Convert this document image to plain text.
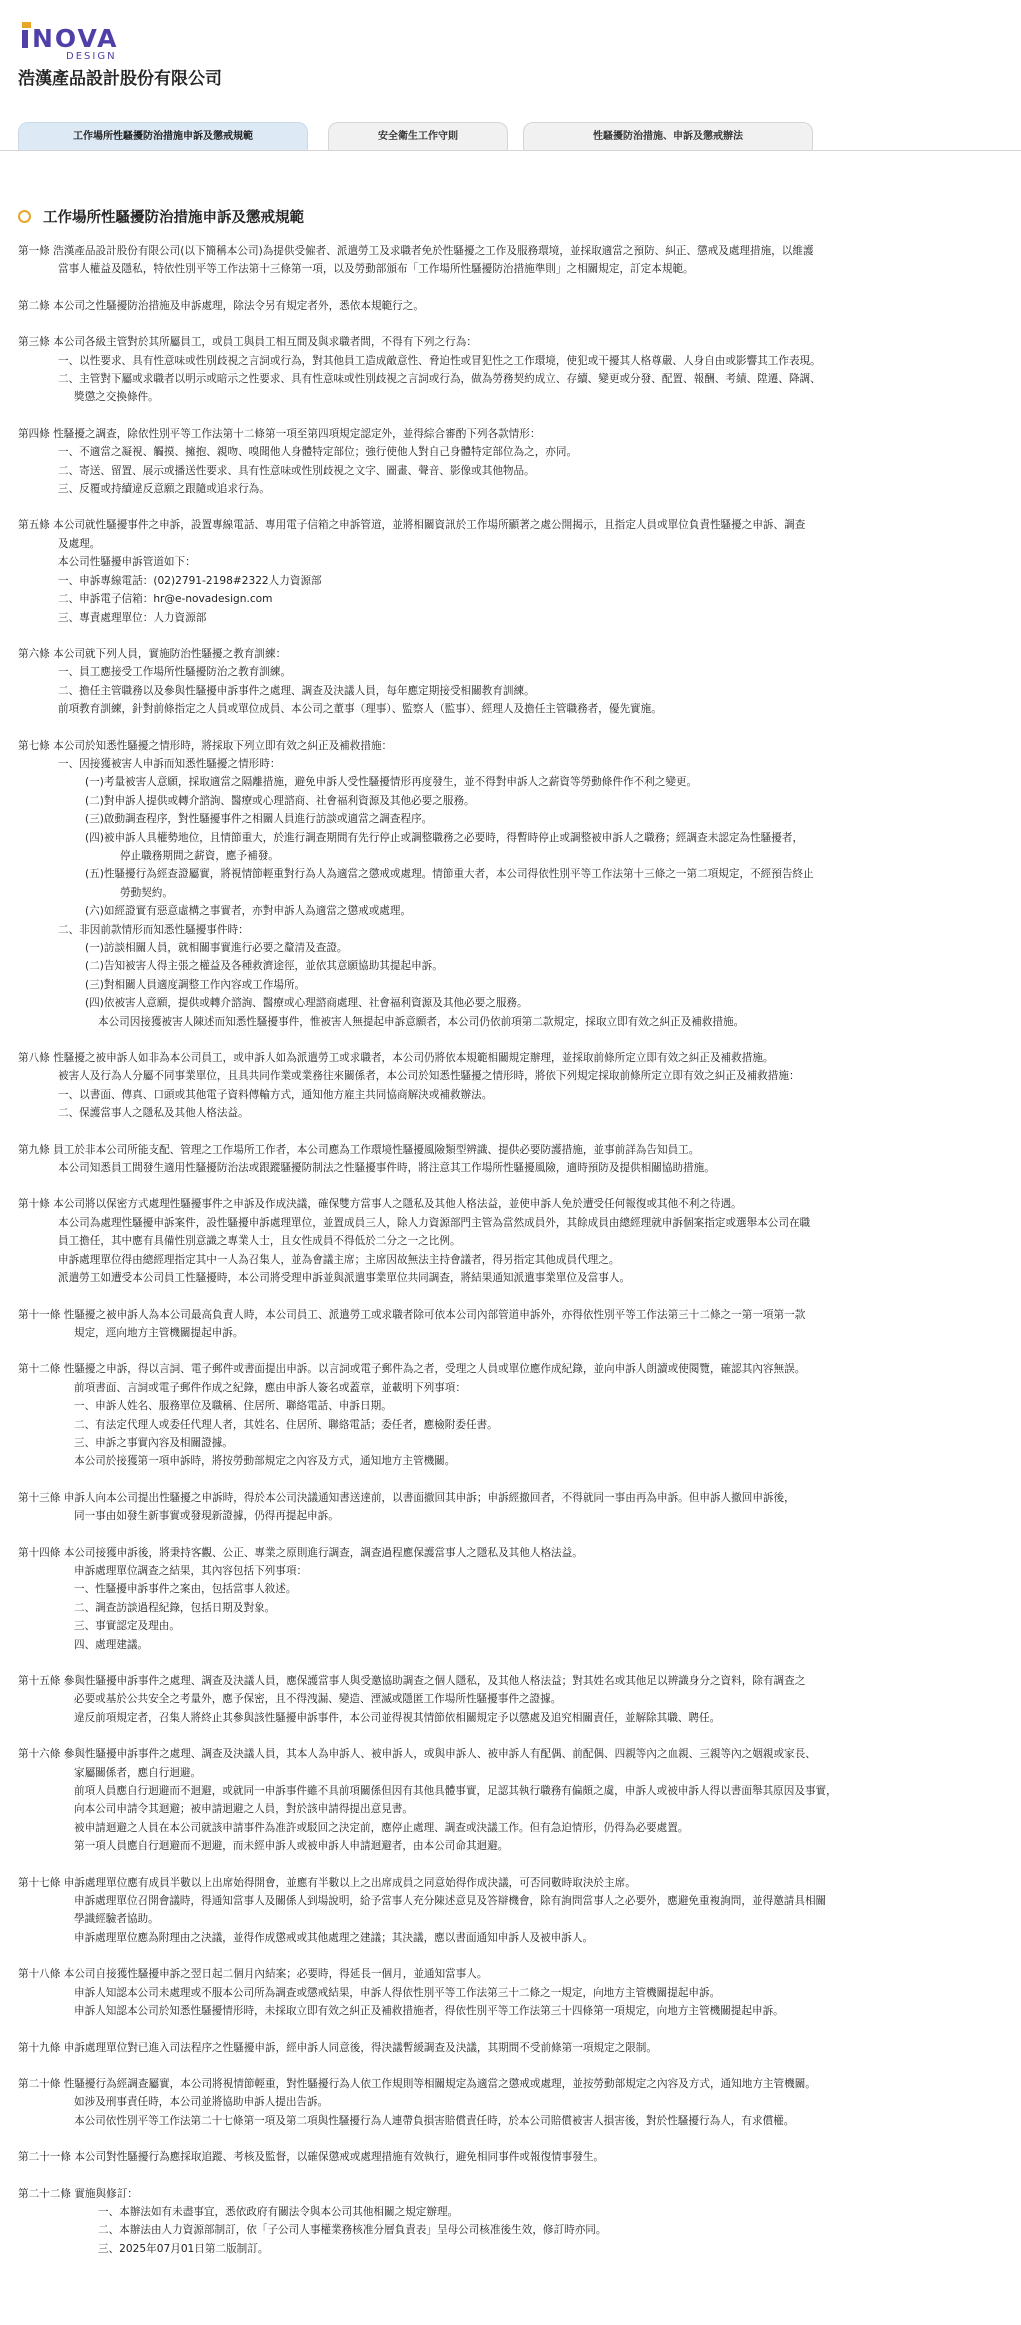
NOVA
DESIGN
浩漢產品設計股份有限公司
工作場所性騷擾防治措施申訴及懲戒規範	安全衛生工作守則	性騷擾防治措施、申訴及懲戒辦法
工作場所性騷擾防治措施申訴及懲戒規範
第一條 浩漢產品設計股份有限公司(以下簡稱本公司)為提供受僱者、派遣勞工及求職者免於性騷擾之工作及服務環境，並採取適當之預防、糾正、懲戒及處理措施，以維護
當事人權益及隱私，特依性別平等工作法第十三條第一項，以及勞動部頒布「工作場所性騷擾防治措施準則」之相關規定，訂定本規範。
第二條 本公司之性騷擾防治措施及申訴處理，除法令另有規定者外，悉依本規範行之。
第三條 本公司各級主管對於其所屬員工，或員工與員工相互間及與求職者間，不得有下列之行為：
一、以性要求、具有性意味或性別歧視之言詞或行為，對其他員工造成敵意性、脅迫性或冒犯性之工作環境，使犯或干擾其人格尊嚴、人身自由或影響其工作表現。
二、主管對下屬或求職者以明示或暗示之性要求、具有性意味或性別歧視之言詞或行為，做為勞務契約成立、存續、變更或分發、配置、報酬、考績、陞遷、降調、
獎懲之交換條件。
第四條 性騷擾之調查，除依性別平等工作法第十二條第一項至第四項規定認定外，並得綜合審酌下列各款情形：
一、不適當之凝視、觸摸、擁抱、親吻、嗅聞他人身體特定部位；強行使他人對自己身體特定部位為之，亦同。
二、寄送、留置、展示或播送性要求、具有性意味或性別歧視之文字、圖畫、聲音、影像或其他物品。
三、反覆或持續違反意願之跟隨或追求行為。
第五條 本公司就性騷擾事件之申訴，設置專線電話、專用電子信箱之申訴管道，並將相關資訊於工作場所顯著之處公開揭示，且指定人員或單位負責性騷擾之申訴、調查
及處理。
本公司性騷擾申訴管道如下：
一、申訴專線電話：(02)2791-2198#2322人力資源部
二、申訴電子信箱：hr@e-novadesign.com
三、專責處理單位：人力資源部
第六條 本公司就下列人員，實施防治性騷擾之教育訓練：
一、員工應接受工作場所性騷擾防治之教育訓練。
二、擔任主管職務以及參與性騷擾申訴事件之處理、調查及決議人員，每年應定期接受相關教育訓練。
前項教育訓練，針對前條指定之人員或單位成員、本公司之董事（理事）、監察人（監事）、經理人及擔任主管職務者，優先實施。
第七條 本公司於知悉性騷擾之情形時，將採取下列立即有效之糾正及補救措施：
一、因接獲被害人申訴而知悉性騷擾之情形時：
(一)考量被害人意願，採取適當之隔離措施，避免申訴人受性騷擾情形再度發生，並不得對申訴人之薪資等勞動條件作不利之變更。
(二)對申訴人提供或轉介諮詢、醫療或心理諮商、社會福利資源及其他必要之服務。
(三)啟動調查程序，對性騷擾事件之相關人員進行訪談或適當之調查程序。
(四)被申訴人具權勢地位，且情節重大，於進行調查期間有先行停止或調整職務之必要時，得暫時停止或調整被申訴人之職務；經調查未認定為性騷擾者，
停止職務期間之薪資，應予補發。
(五)性騷擾行為經查證屬實，將視情節輕重對行為人為適當之懲戒或處理。情節重大者，本公司得依性別平等工作法第十三條之一第二項規定，不經預告終止
勞動契約。
(六)如經證實有惡意虛構之事實者，亦對申訴人為適當之懲戒或處理。
二、非因前款情形而知悉性騷擾事件時：
(一)訪談相關人員，就相關事實進行必要之釐清及查證。
(二)告知被害人得主張之權益及各種救濟途徑，並依其意願協助其提起申訴。
(三)對相關人員適度調整工作內容或工作場所。
(四)依被害人意願，提供或轉介諮詢、醫療或心理諮商處理、社會福利資源及其他必要之服務。
本公司因接獲被害人陳述而知悉性騷擾事件，惟被害人無提起申訴意願者，本公司仍依前項第二款規定，採取立即有效之糾正及補救措施。
第八條 性騷擾之被申訴人如非為本公司員工，或申訴人如為派遣勞工或求職者，本公司仍將依本規範相關規定辦理，並採取前條所定立即有效之糾正及補救措施。
被害人及行為人分屬不同事業單位，且具共同作業或業務往來關係者，本公司於知悉性騷擾之情形時，將依下列規定採取前條所定立即有效之糾正及補救措施：
一、以書面、傳真、口頭或其他電子資料傳輸方式，通知他方雇主共同協商解決或補救辦法。
二、保護當事人之隱私及其他人格法益。
第九條 員工於非本公司所能支配、管理之工作場所工作者，本公司應為工作環境性騷擾風險類型辨識、提供必要防護措施，並事前詳為告知員工。
本公司知悉員工間發生適用性騷擾防治法或跟蹤騷擾防制法之性騷擾事件時，將注意其工作場所性騷擾風險，適時預防及提供相關協助措施。
第十條 本公司將以保密方式處理性騷擾事件之申訴及作成決議，確保雙方當事人之隱私及其他人格法益，並使申訴人免於遭受任何報復或其他不利之待遇。
本公司為處理性騷擾申訴案件，設性騷擾申訴處理單位，並置成員三人，除人力資源部門主管為當然成員外，其餘成員由總經理就申訴個案指定或選舉本公司在職
員工擔任，其中應有具備性別意識之專業人士，且女性成員不得低於二分之一之比例。
申訴處理單位得由總經理指定其中一人為召集人，並為會議主席；主席因故無法主持會議者，得另指定其他成員代理之。
派遣勞工如遭受本公司員工性騷擾時，本公司將受理申訴並與派遣事業單位共同調查，將結果通知派遣事業單位及當事人。
第十一條 性騷擾之被申訴人為本公司最高負責人時，本公司員工、派遣勞工或求職者除可依本公司內部管道申訴外，亦得依性別平等工作法第三十二條之一第一項第一款
規定，逕向地方主管機關提起申訴。
第十二條 性騷擾之申訴，得以言詞、電子郵件或書面提出申訴。以言詞或電子郵件為之者，受理之人員或單位應作成紀錄，並向申訴人朗讀或使閱覽，確認其內容無誤。
前項書面、言詞或電子郵件作成之紀錄，應由申訴人簽名或蓋章，並載明下列事項：
一、申訴人姓名、服務單位及職稱、住居所、聯絡電話、申訴日期。
二、有法定代理人或委任代理人者，其姓名、住居所、聯絡電話；委任者，應檢附委任書。
三、申訴之事實內容及相關證據。
本公司於接獲第一項申訴時，將按勞動部規定之內容及方式，通知地方主管機關。
第十三條 申訴人向本公司提出性騷擾之申訴時，得於本公司決議通知書送達前，以書面撤回其申訴；申訴經撤回者，不得就同一事由再為申訴。但申訴人撤回申訴後，
同一事由如發生新事實或發現新證據，仍得再提起申訴。
第十四條 本公司接獲申訴後，將秉持客觀、公正、專業之原則進行調查，調查過程應保護當事人之隱私及其他人格法益。
申訴處理單位調查之結果，其內容包括下列事項：
一、性騷擾申訴事件之案由，包括當事人敘述。
二、調查訪談過程紀錄，包括日期及對象。
三、事實認定及理由。
四、處理建議。
第十五條 參與性騷擾申訴事件之處理、調查及決議人員，應保護當事人與受邀協助調查之個人隱私，及其他人格法益；對其姓名或其他足以辨識身分之資料，除有調查之
必要或基於公共安全之考量外，應予保密，且不得洩漏、變造、湮滅或隱匿工作場所性騷擾事件之證據。
違反前項規定者，召集人將終止其參與該性騷擾申訴事件，本公司並得視其情節依相關規定予以懲處及追究相關責任，並解除其職、聘任。
第十六條 參與性騷擾申訴事件之處理、調查及決議人員，其本人為申訴人、被申訴人，或與申訴人、被申訴人有配偶、前配偶、四親等內之血親、三親等內之姻親或家長、
家屬關係者，應自行迴避。
前項人員應自行迴避而不迴避，或就同一申訴事件雖不具前項關係但因有其他具體事實，足認其執行職務有偏頗之虞，申訴人或被申訴人得以書面舉其原因及事實，
向本公司申請令其迴避；被申請迴避之人員，對於該申請得提出意見書。
被申請迴避之人員在本公司就該申請事件為准許或駁回之決定前，應停止處理、調查或決議工作。但有急迫情形，仍得為必要處置。
第一項人員應自行迴避而不迴避，而未經申訴人或被申訴人申請迴避者，由本公司命其迴避。
第十七條 申訴處理單位應有成員半數以上出席始得開會，並應有半數以上之出席成員之同意始得作成決議，可否同數時取決於主席。
申訴處理單位召開會議時，得通知當事人及關係人到場說明，給予當事人充分陳述意見及答辯機會，除有詢問當事人之必要外，應避免重複詢問，並得邀請具相關
學識經驗者協助。
申訴處理單位應為附理由之決議，並得作成懲戒或其他處理之建議；其決議，應以書面通知申訴人及被申訴人。
第十八條 本公司自接獲性騷擾申訴之翌日起二個月內結案；必要時，得延長一個月，並通知當事人。
申訴人知認本公司未處理或不服本公司所為調查或懲戒結果，申訴人得依性別平等工作法第三十二條之一規定，向地方主管機關提起申訴。
申訴人知認本公司於知悉性騷擾情形時，未採取立即有效之糾正及補救措施者，得依性別平等工作法第三十四條第一項規定，向地方主管機關提起申訴。
第十九條 申訴處理單位對已進入司法程序之性騷擾申訴，經申訴人同意後，得決議暫緩調查及決議，其期間不受前條第一項規定之限制。
第二十條 性騷擾行為經調查屬實，本公司將視情節輕重，對性騷擾行為人依工作規則等相關規定為適當之懲戒或處理，並按勞動部規定之內容及方式，通知地方主管機關。
如涉及刑事責任時，本公司並將協助申訴人提出告訴。
本公司依性別平等工作法第二十七條第一項及第二項與性騷擾行為人連帶負損害賠償責任時，於本公司賠償被害人損害後，對於性騷擾行為人，有求償權。
第二十一條 本公司對性騷擾行為應採取追蹤、考核及監督，以確保懲戒或處理措施有效執行，避免相同事件或報復情事發生。
第二十二條 實施與修訂：
一、本辦法如有未盡事宜，悉依政府有關法令與本公司其他相關之規定辦理。
二、本辦法由人力資源部制訂，依「子公司人事權業務核准分層負責表」呈母公司核准後生效，修訂時亦同。
三、2025年07月01日第二版制訂。
